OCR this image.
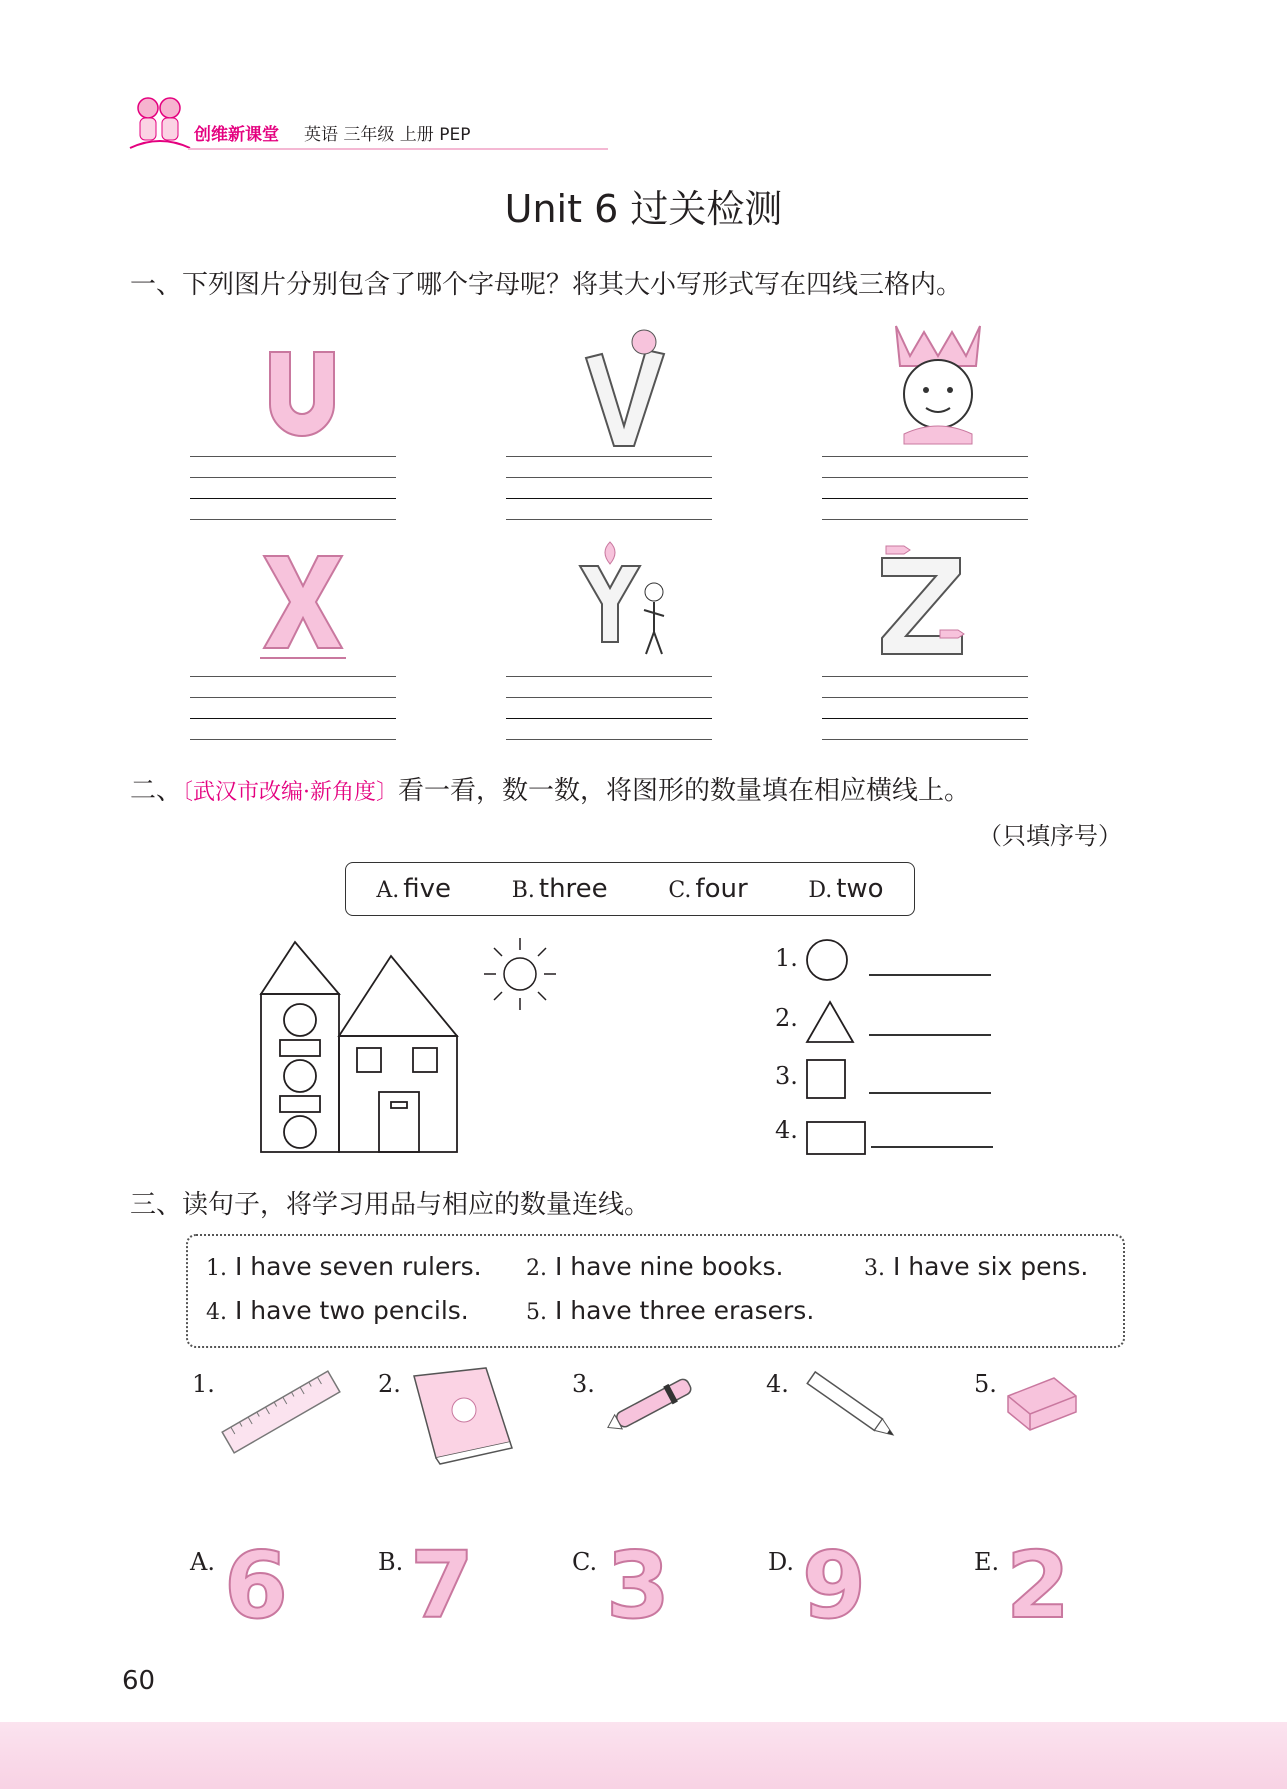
创维新课堂 英语 三年级 上册 PEP
Unit 6 过关检测
一、下列图片分别包含了哪个字母呢？将其大小写形式写在四线三格内。
二、〔武汉市改编·新角度〕看一看，数一数，将图形的数量填在相应横线上。
（只填序号）
A. five	B. three	C. four	D. two
1.
2.
3.
4.
三、读句子，将学习用品与相应的数量连线。
1. I have seven rulers. 2. I have nine books.	3. I have six pens.
4. I have two pencils.	5. I have three erasers.
1.	2.	3.	4.	5.
A. 6	B. 7	C. 3	D. 9	E. 2
60
